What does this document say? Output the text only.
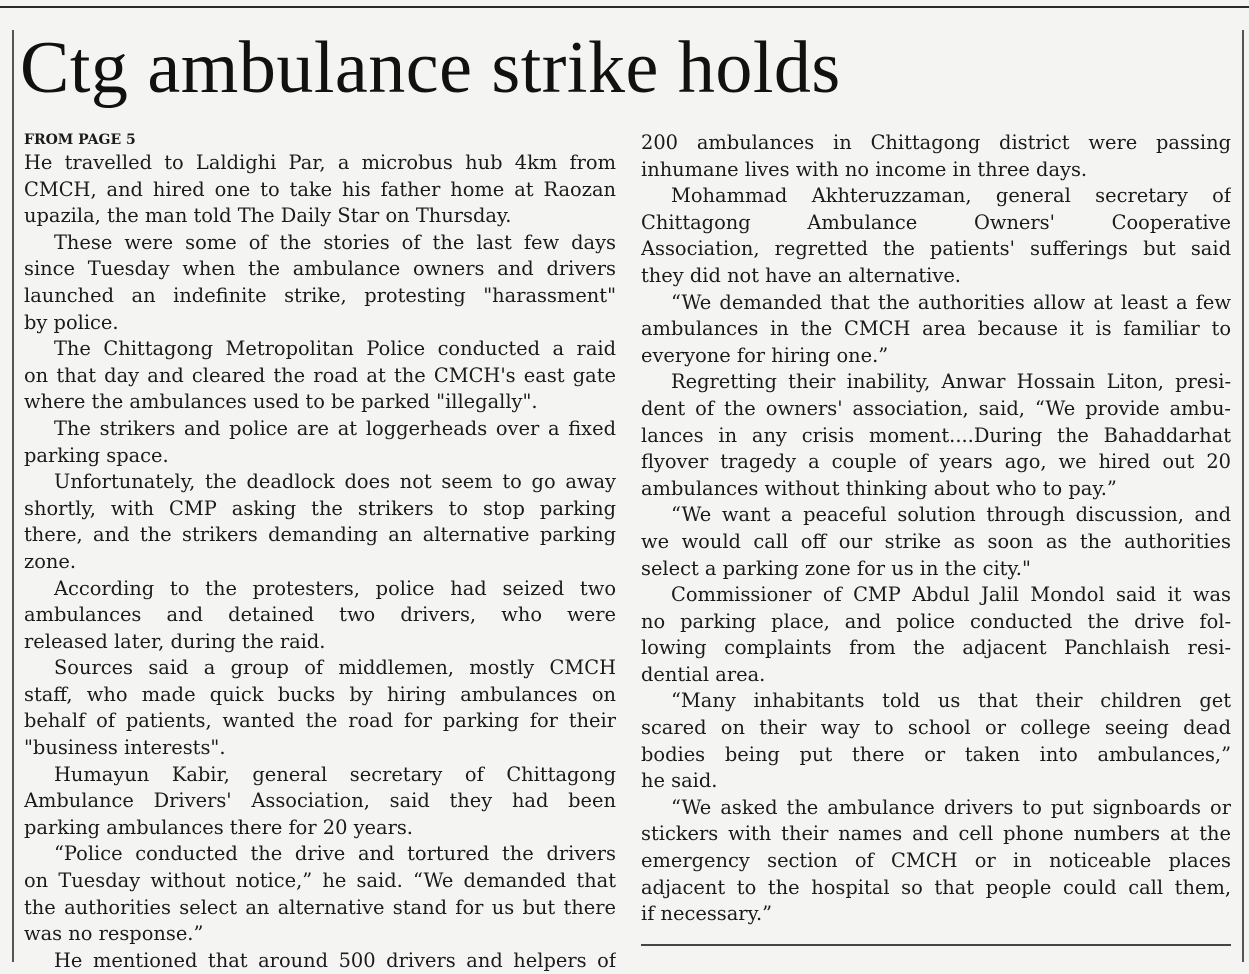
Ctg ambulance strike holds
FROM PAGE 5
He travelled to Laldighi Par, a microbus hub 4km from
CMCH, and hired one to take his father home at Raozan
upazila, the man told The Daily Star on Thursday.
These were some of the stories of the last few days
since Tuesday when the ambulance owners and drivers
launched an indefinite strike, protesting "harassment"
by police.
The Chittagong Metropolitan Police conducted a raid
on that day and cleared the road at the CMCH's east gate
where the ambulances used to be parked "illegally".
The strikers and police are at loggerheads over a fixed
parking space.
Unfortunately, the deadlock does not seem to go away
shortly, with CMP asking the strikers to stop parking
there, and the strikers demanding an alternative parking
zone.
According to the protesters, police had seized two
ambulances and detained two drivers, who were
released later, during the raid.
Sources said a group of middlemen, mostly CMCH
staff, who made quick bucks by hiring ambulances on
behalf of patients, wanted the road for parking for their
"business interests".
Humayun Kabir, general secretary of Chittagong
Ambulance Drivers' Association, said they had been
parking ambulances there for 20 years.
“Police conducted the drive and tortured the drivers
on Tuesday without notice,” he said. “We demanded that
the authorities select an alternative stand for us but there
was no response.”
He mentioned that around 500 drivers and helpers of
200 ambulances in Chittagong district were passing
inhumane lives with no income in three days.
Mohammad Akhteruzzaman, general secretary of
Chittagong Ambulance Owners' Cooperative
Association, regretted the patients' sufferings but said
they did not have an alternative.
“We demanded that the authorities allow at least a few
ambulances in the CMCH area because it is familiar to
everyone for hiring one.”
Regretting their inability, Anwar Hossain Liton, presi-
dent of the owners' association, said, “We provide ambu-
lances in any crisis moment....During the Bahaddarhat
flyover tragedy a couple of years ago, we hired out 20
ambulances without thinking about who to pay.”
“We want a peaceful solution through discussion, and
we would call off our strike as soon as the authorities
select a parking zone for us in the city."
Commissioner of CMP Abdul Jalil Mondol said it was
no parking place, and police conducted the drive fol-
lowing complaints from the adjacent Panchlaish resi-
dential area.
“Many inhabitants told us that their children get
scared on their way to school or college seeing dead
bodies being put there or taken into ambulances,”
he said.
“We asked the ambulance drivers to put signboards or
stickers with their names and cell phone numbers at the
emergency section of CMCH or in noticeable places
adjacent to the hospital so that people could call them,
if necessary.”
